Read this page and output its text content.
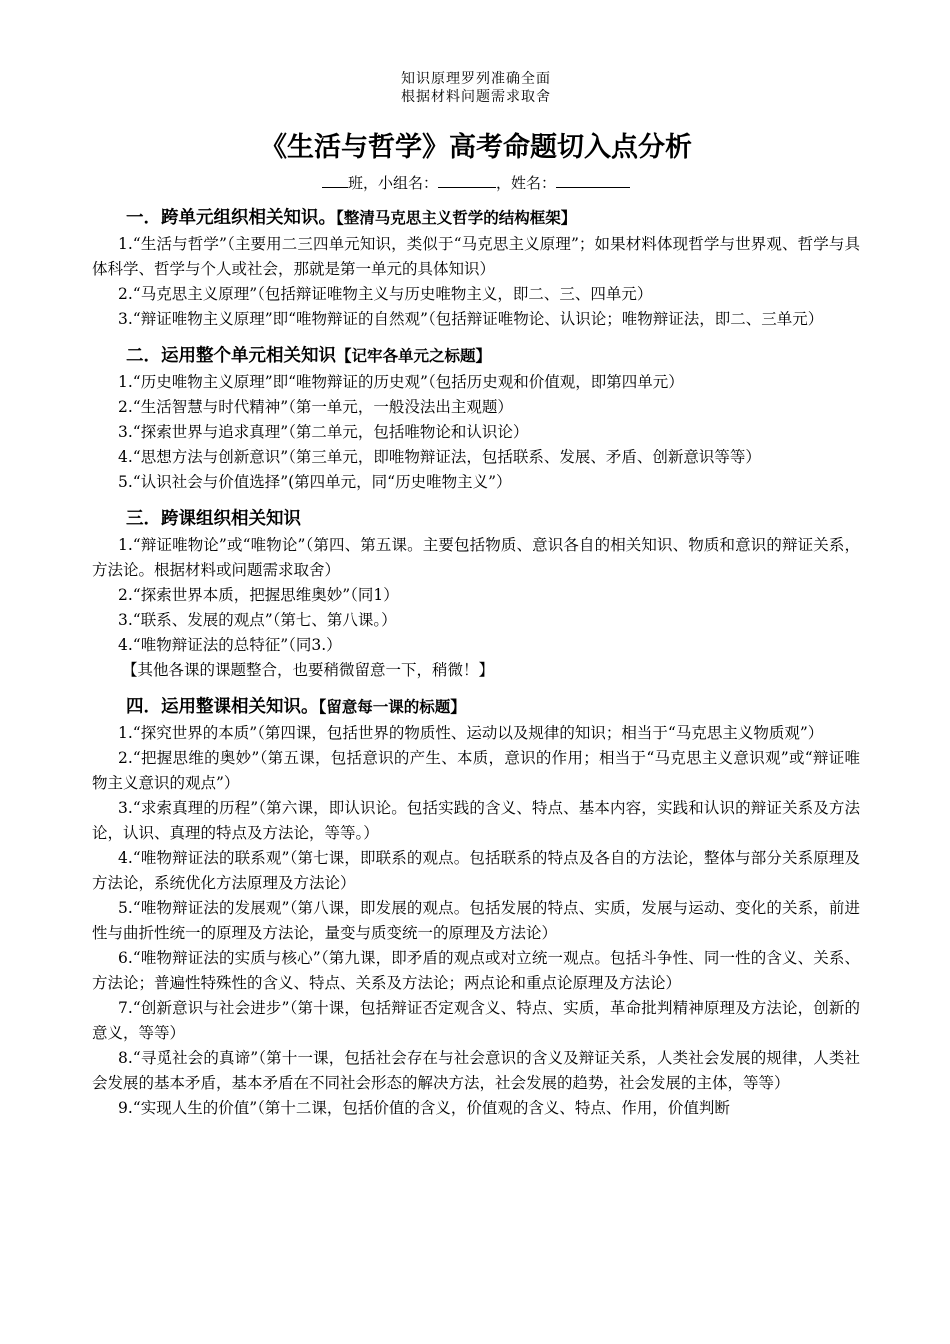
知识原理罗列准确全面
根据材料问题需求取舍
《生活与哲学》高考命题切入点分析
班，小组名：	，姓名：
一．跨单元组织相关知识。【整清马克思主义哲学的结构框架】

1.“生活与哲学”（主要用二三四单元知识，类似于“马克思主义原理”；如果材料体现哲学与世界观、哲学与具体科学、哲学与个人或社会，那就是第一单元的具体知识）

2.“马克思主义原理”（包括辩证唯物主义与历史唯物主义，即二、三、四单元）

3.“辩证唯物主义原理”即“唯物辩证的自然观”（包括辩证唯物论、认识论；唯物辩证法，即二、三单元）

二．运用整个单元相关知识【记牢各单元之标题】

1.“历史唯物主义原理”即“唯物辩证的历史观”（包括历史观和价值观，即第四单元）

2.“生活智慧与时代精神”（第一单元，一般没法出主观题）

3.“探索世界与追求真理”（第二单元，包括唯物论和认识论）

4.“思想方法与创新意识”（第三单元，即唯物辩证法，包括联系、发展、矛盾、创新意识等等）

5.“认识社会与价值选择”(第四单元，同“历史唯物主义”）

三．跨课组织相关知识

1.“辩证唯物论”或“唯物论”（第四、第五课。主要包括物质、意识各自的相关知识、物质和意识的辩证关系，方法论。根据材料或问题需求取舍）

2.“探索世界本质，把握思维奥妙”（同1）

3.“联系、发展的观点”（第七、第八课。）

4.“唯物辩证法的总特征”（同3.）

【其他各课的课题整合，也要稍微留意一下，稍微！】

四．运用整课相关知识。【留意每一课的标题】

1.“探究世界的本质”（第四课，包括世界的物质性、运动以及规律的知识；相当于“马克思主义物质观”）

2.“把握思维的奥妙”（第五课，包括意识的产生、本质，意识的作用；相当于“马克思主义意识观”或“辩证唯物主义意识的观点”）

3.“求索真理的历程”（第六课，即认识论。包括实践的含义、特点、基本内容，实践和认识的辩证关系及方法论，认识、真理的特点及方法论，等等。）

4.“唯物辩证法的联系观”（第七课，即联系的观点。包括联系的特点及各自的方法论，整体与部分关系原理及方法论，系统优化方法原理及方法论）

5.“唯物辩证法的发展观”（第八课，即发展的观点。包括发展的特点、实质，发展与运动、变化的关系，前进性与曲折性统一的原理及方法论，量变与质变统一的原理及方法论）

6.“唯物辩证法的实质与核心”（第九课，即矛盾的观点或对立统一观点。包括斗争性、同一性的含义、关系、方法论；普遍性特殊性的含义、特点、关系及方法论；两点论和重点论原理及方法论）

7.“创新意识与社会进步”（第十课，包括辩证否定观含义、特点、实质，革命批判精神原理及方法论，创新的意义，等等）

8.“寻觅社会的真谛”（第十一课，包括社会存在与社会意识的含义及辩证关系，人类社会发展的规律，人类社会发展的基本矛盾，基本矛盾在不同社会形态的解决方法，社会发展的趋势，社会发展的主体，等等）

9.“实现人生的价值”（第十二课，包括价值的含义，价值观的含义、特点、作用，价值判断
